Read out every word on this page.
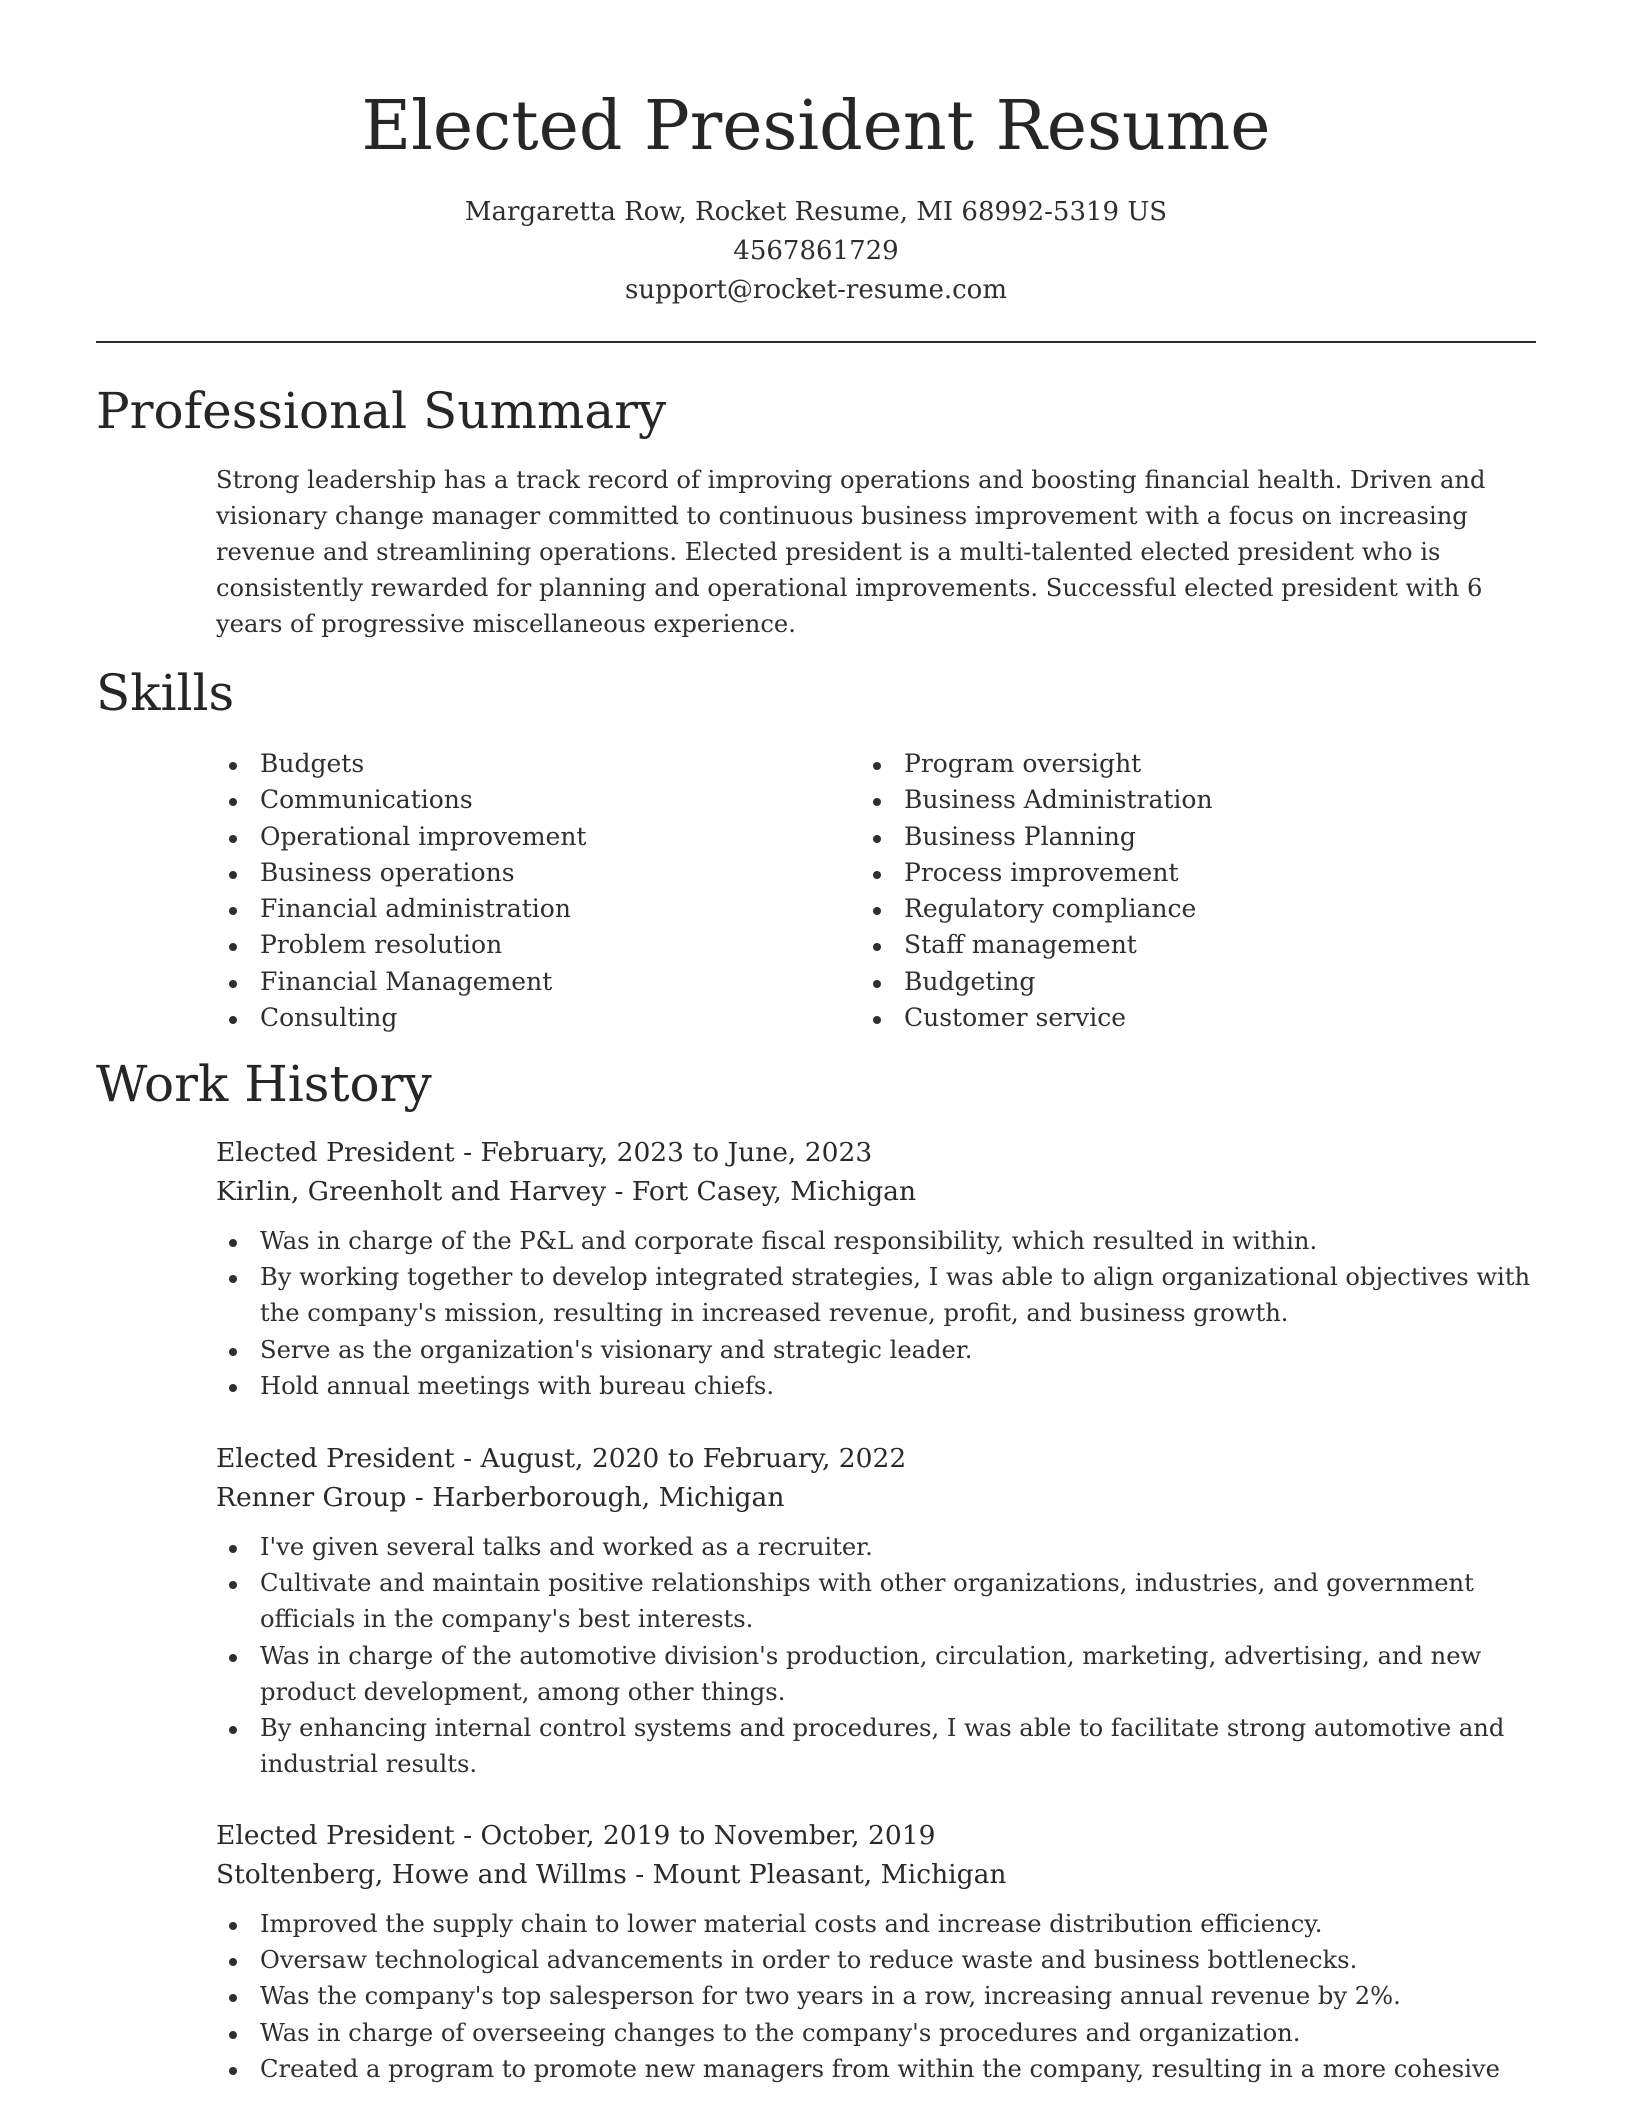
Elected President Resume
Margaretta Row, Rocket Resume, MI 68992-5319 US
4567861729
support@rocket-resume.com
Professional Summary

Strong leadership has a track record of improving operations and boosting financial health. Driven and visionary change manager committed to continuous business improvement with a focus on increasing revenue and streamlining operations. Elected president is a multi-talented elected president who is consistently rewarded for planning and operational improvements. Successful elected president with 6 years of progressive miscellaneous experience.

Skills
Budgets
Communications
Operational improvement
Business operations
Financial administration
Problem resolution
Financial Management
Consulting
Program oversight
Business Administration
Business Planning
Process improvement
Regulatory compliance
Staff management
Budgeting
Customer service
Work History
Elected President - February, 2023 to June, 2023
Kirlin, Greenholt and Harvey - Fort Casey, Michigan
Was in charge of the P&L and corporate fiscal responsibility, which resulted in within.
By working together to develop integrated strategies, I was able to align organizational objectives with the company's mission, resulting in increased revenue, profit, and business growth.
Serve as the organization's visionary and strategic leader.
Hold annual meetings with bureau chiefs.
Elected President - August, 2020 to February, 2022
Renner Group - Harberborough, Michigan
I've given several talks and worked as a recruiter.
Cultivate and maintain positive relationships with other organizations, industries, and government officials in the company's best interests.
Was in charge of the automotive division's production, circulation, marketing, advertising, and new product development, among other things.
By enhancing internal control systems and procedures, I was able to facilitate strong automotive and industrial results.
Elected President - October, 2019 to November, 2019
Stoltenberg, Howe and Willms - Mount Pleasant, Michigan
Improved the supply chain to lower material costs and increase distribution efficiency.
Oversaw technological advancements in order to reduce waste and business bottlenecks.
Was the company's top salesperson for two years in a row, increasing annual revenue by 2%.
Was in charge of overseeing changes to the company's procedures and organization.
Created a program to promote new managers from within the company, resulting in a more cohesive
